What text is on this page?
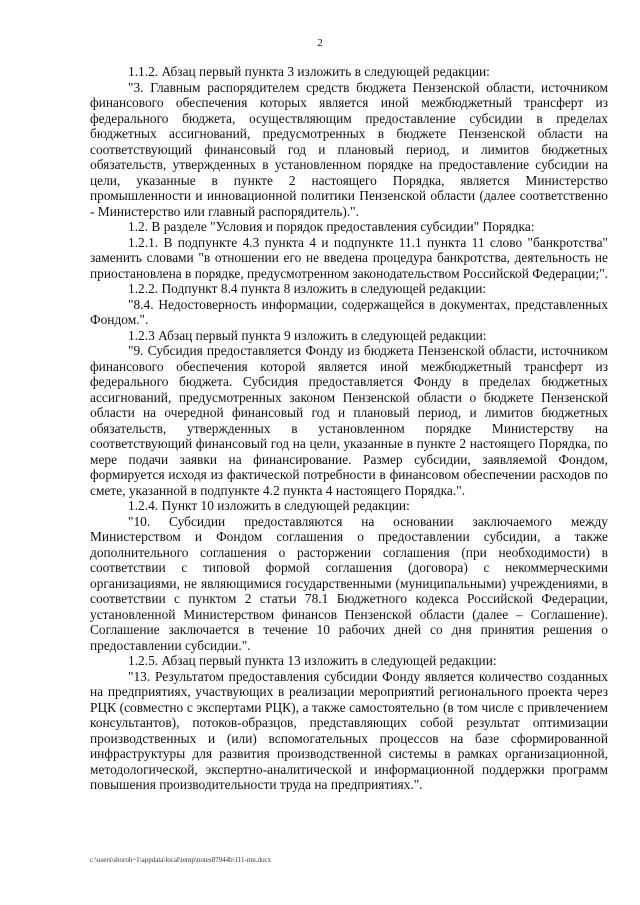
2

1.1.2. Абзац первый пункта 3 изложить в следующей редакции:

"3. Главным распорядителем средств бюджета Пензенской области, источником финансового обеспечения которых является иной межбюджетный трансферт из федерального бюджета, осуществляющим предоставление субсидии в пределах бюджетных ассигнований, предусмотренных в бюджете Пензенской области на соответствующий финансовый год и плановый период, и лимитов бюджетных обязательств, утвержденных в установленном порядке на предоставление субсидии на цели, указанные в пункте 2 настоящего Порядка, является Министерство промышленности и инновационной политики Пензенской области (далее соответственно - Министерство или главный распорядитель).".

1.2. В разделе "Условия и порядок предоставления субсидии" Порядка:

1.2.1. В подпункте 4.3 пункта 4 и подпункте 11.1 пункта 11 слово "банкротства" заменить словами "в отношении его не введена процедура банкротства, деятельность не приостановлена в порядке, предусмотренном законодательством Российской Федерации;".

1.2.2. Подпункт 8.4 пункта 8 изложить в следующей редакции:

"8.4. Недостоверность информации, содержащейся в документах, представленных Фондом.".

1.2.3 Абзац первый пункта 9 изложить в следующей редакции:

"9. Субсидия предоставляется Фонду из бюджета Пензенской области, источником финансового обеспечения которой является иной межбюджетный трансферт из федерального бюджета. Субсидия предоставляется Фонду в пределах бюджетных ассигнований, предусмотренных законом Пензенской области о бюджете Пензенской области на очередной финансовый год и плановый период, и лимитов бюджетных обязательств, утвержденных в установленном порядке Министерству на соответствующий финансовый год на цели, указанные в пункте 2 настоящего Порядка, по мере подачи заявки на финансирование. Размер субсидии, заявляемой Фондом, формируется исходя из фактической потребности в финансовом обеспечении расходов по смете, указанной в подпункте 4.2 пункта 4 настоящего Порядка.".

1.2.4. Пункт 10 изложить в следующей редакции:

"10. Субсидии предоставляются на основании заключаемого между Министерством и Фондом соглашения о предоставлении субсидии, а также дополнительного соглашения о расторжении соглашения (при необходимости) в соответствии с типовой формой соглашения (договора) с некоммерческими организациями, не являющимися государственными (муниципальными) учреждениями, в соответствии с пунктом 2 статьи 78.1 Бюджетного кодекса Российской Федерации, установленной Министерством финансов Пензенской области (далее – Соглашение). Соглашение заключается в течение 10 рабочих дней со дня принятия решения о предоставлении субсидии.".

1.2.5. Абзац первый пункта 13 изложить в следующей редакции:

"13. Результатом предоставления субсидии Фонду является количество созданных на предприятиях, участвующих в реализации мероприятий регионального проекта через РЦК (совместно с экспертами РЦК), а также самостоятельно (в том числе с привлечением консультантов), потоков-образцов, представляющих собой результат оптимизации производственных и (или) вспомогательных процессов на базе сформированной инфраструктуры для развития производственной системы в рамках организационной, методологической, экспертно-аналитической и информационной поддержки программ повышения производительности труда на предприятиях.".

c:\users\shoroh~1\appdata\local\temp\notes87944b\111-mn.docx
